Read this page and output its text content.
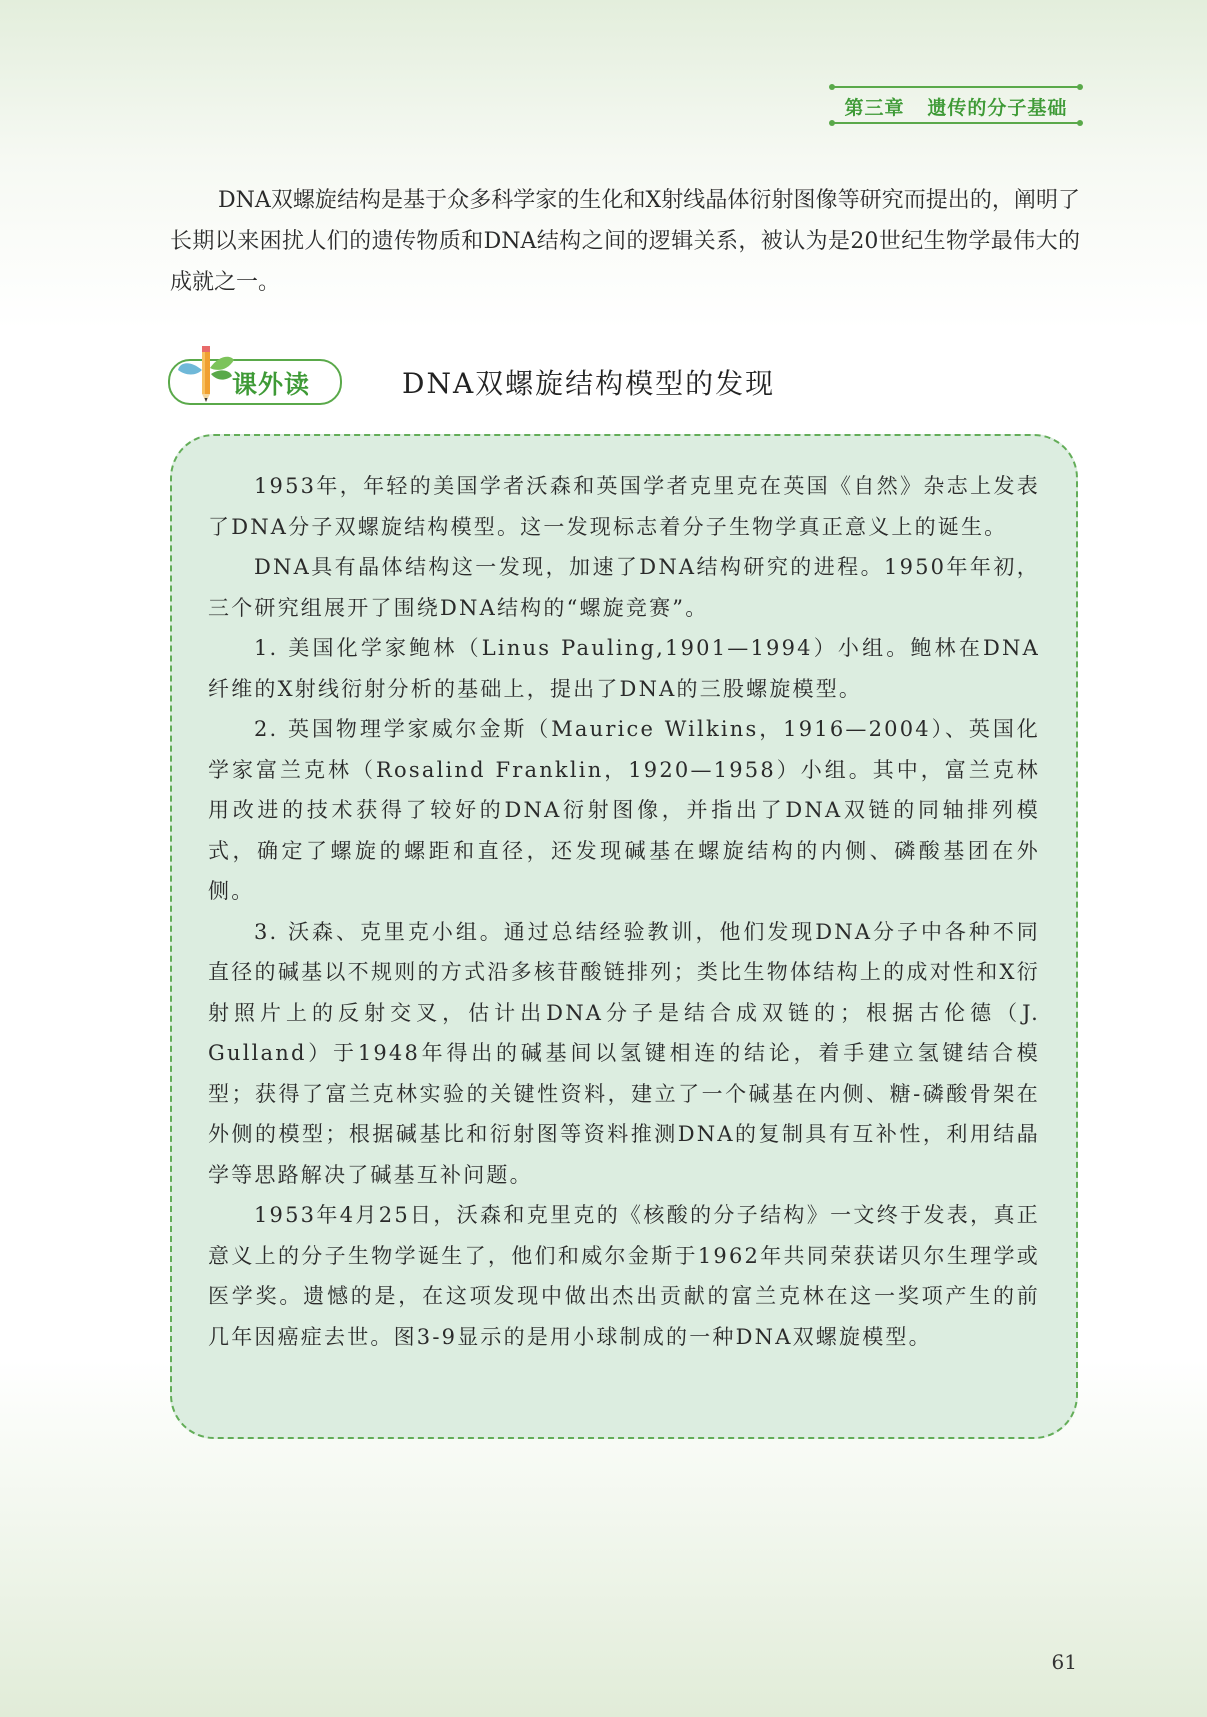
第三章 遗传的分子基础

DNA双螺旋结构是基于众多科学家的生化和X射线晶体衍射图像等研究而提出的，阐明了长期以来困扰人们的遗传物质和DNA结构之间的逻辑关系，被认为是20世纪生物学最伟大的成就之一。

课外读	DNA双螺旋结构模型的发现

1953年，年轻的美国学者沃森和英国学者克里克在英国《自然》杂志上发表了DNA分子双螺旋结构模型。这一发现标志着分子生物学真正意义上的诞生。

DNA具有晶体结构这一发现，加速了DNA结构研究的进程。1950年年初，三个研究组展开了围绕DNA结构的“螺旋竞赛”。

1. 美国化学家鲍林（Linus Pauling,1901—1994）小组。鲍林在DNA纤维的X射线衍射分析的基础上，提出了DNA的三股螺旋模型。

2. 英国物理学家威尔金斯（Maurice Wilkins，1916—2004）、英国化学家富兰克林（Rosalind Franklin，1920—1958）小组。其中，富兰克林用改进的技术获得了较好的DNA衍射图像，并指出了DNA双链的同轴排列模式，确定了螺旋的螺距和直径，还发现碱基在螺旋结构的内侧、磷酸基团在外侧。

3. 沃森、克里克小组。通过总结经验教训，他们发现DNA分子中各种不同直径的碱基以不规则的方式沿多核苷酸链排列；类比生物体结构上的成对性和X衍射照片上的反射交叉，估计出DNA分子是结合成双链的；根据古伦德（J. Gulland）于1948年得出的碱基间以氢键相连的结论，着手建立氢键结合模型；获得了富兰克林实验的关键性资料，建立了一个碱基在内侧、糖-磷酸骨架在外侧的模型；根据碱基比和衍射图等资料推测DNA的复制具有互补性，利用结晶学等思路解决了碱基互补问题。

1953年4月25日，沃森和克里克的《核酸的分子结构》一文终于发表，真正意义上的分子生物学诞生了，他们和威尔金斯于1962年共同荣获诺贝尔生理学或医学奖。遗憾的是，在这项发现中做出杰出贡献的富兰克林在这一奖项产生的前几年因癌症去世。图3-9显示的是用小球制成的一种DNA双螺旋模型。

61
